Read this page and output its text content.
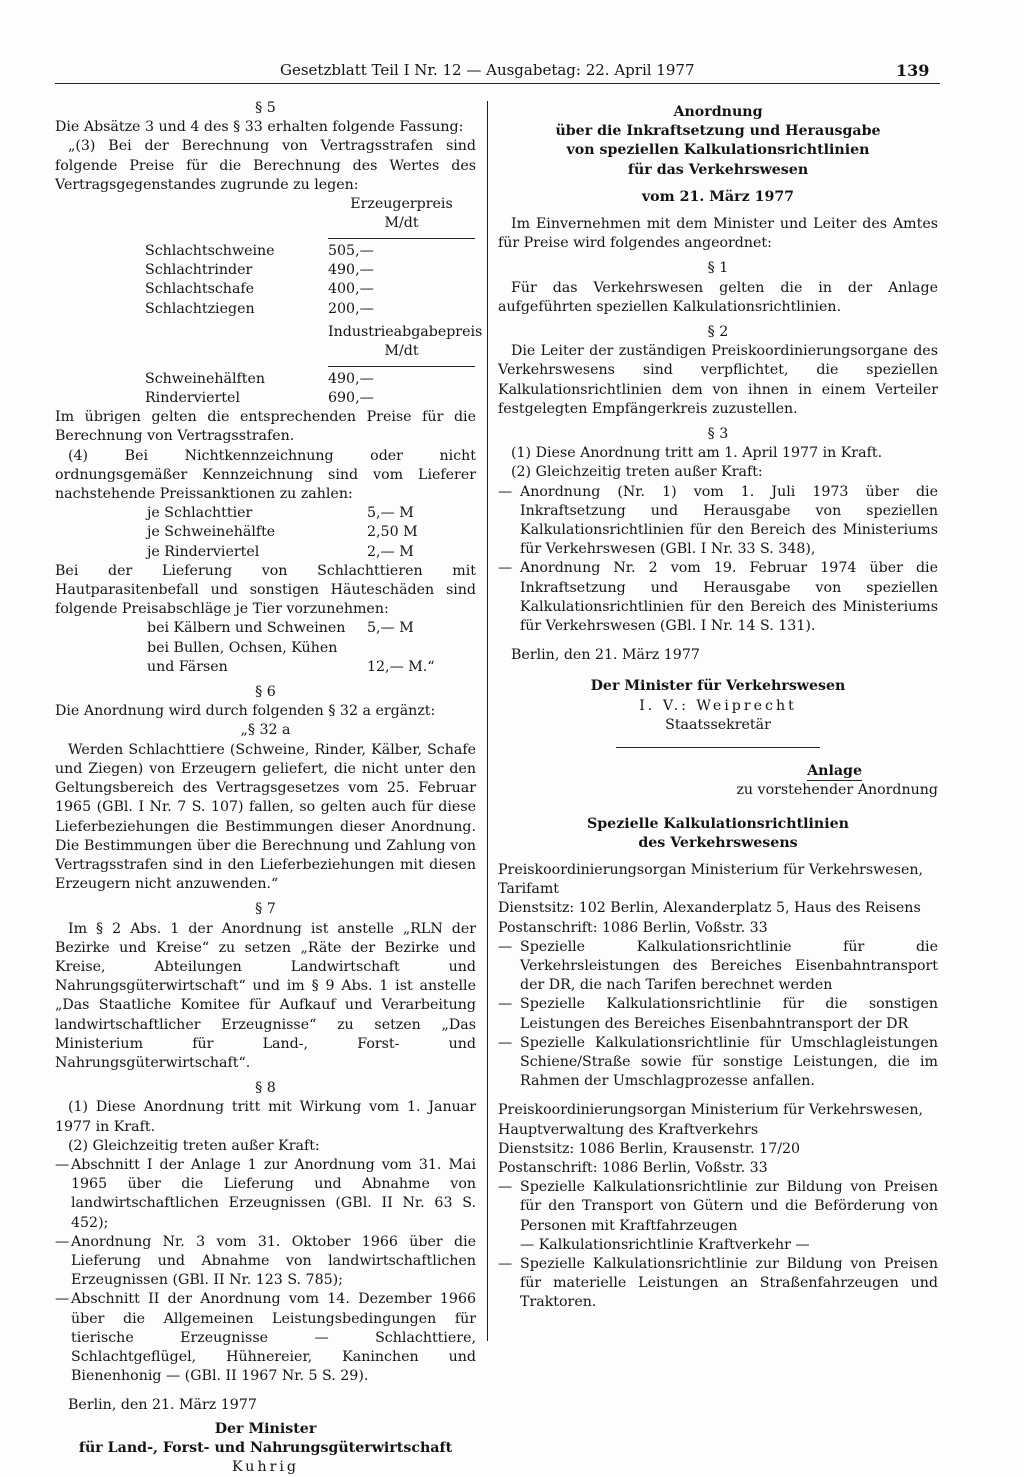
Gesetzblatt Teil I Nr. 12 — Ausgabetag: 22. April 1977	139

§ 5

Die Absätze 3 und 4 des § 33 erhalten folgende Fassung:

„(3) Bei der Berechnung von Vertragsstrafen sind folgende Preise für die Berechnung des Wertes des Vertragsgegenstandes zugrunde zu legen:

Erzeugerpreis
M/dt
Schlachtschweine	505,—
Schlachtrinder	490,—
Schlachtschafe	400,—
Schlachtziegen	200,—
Industrieabgabepreis
M/dt
Schweinehälften	490,—
Rinderviertel	690,—

Im übrigen gelten die entsprechenden Preise für die Berechnung von Vertragsstrafen.

(4) Bei Nichtkennzeichnung oder nicht ordnungsgemäßer Kennzeichnung sind vom Lieferer nachstehende Preissanktionen zu zahlen:

je Schlachttier	5,— M
je Schweinehälfte	2,50 M
je Rinderviertel	2,— M

Bei der Lieferung von Schlachttieren mit Hautparasitenbefall und sonstigen Häuteschäden sind folgende Preisabschläge je Tier vorzunehmen:

bei Kälbern und Schweinen	5,— M
bei Bullen, Ochsen, Kühen und Färsen	12,— M.“

§ 6

Die Anordnung wird durch folgenden § 32 a ergänzt:

„§ 32 a

Werden Schlachttiere (Schweine, Rinder, Kälber, Schafe und Ziegen) von Erzeugern geliefert, die nicht unter den Geltungsbereich des Vertragsgesetzes vom 25. Februar 1965 (GBl. I Nr. 7 S. 107) fallen, so gelten auch für diese Lieferbeziehungen die Bestimmungen dieser Anordnung. Die Bestimmungen über die Berechnung und Zahlung von Vertragsstrafen sind in den Lieferbeziehungen mit diesen Erzeugern nicht anzuwenden.“

§ 7

Im § 2 Abs. 1 der Anordnung ist anstelle „RLN der Bezirke und Kreise“ zu setzen „Räte der Bezirke und Kreise, Abteilungen Landwirtschaft und Nahrungsgüterwirtschaft“ und im § 9 Abs. 1 ist anstelle „Das Staatliche Komitee für Aufkauf und Verarbeitung landwirtschaftlicher Erzeugnisse“ zu setzen „Das Ministerium für Land-, Forst- und Nahrungsgüterwirtschaft“.

§ 8

(1) Diese Anordnung tritt mit Wirkung vom 1. Januar 1977 in Kraft.

(2) Gleichzeitig treten außer Kraft:

— Abschnitt I der Anlage 1 zur Anordnung vom 31. Mai 1965 über die Lieferung und Abnahme von landwirtschaftlichen Erzeugnissen (GBl. II Nr. 63 S. 452);
— Anordnung Nr. 3 vom 31. Oktober 1966 über die Lieferung und Abnahme von landwirtschaftlichen Erzeugnissen (GBl. II Nr. 123 S. 785);
— Abschnitt II der Anordnung vom 14. Dezember 1966 über die Allgemeinen Leistungsbedingungen für tierische Erzeugnisse — Schlachttiere, Schlachtgeflügel, Hühnereier, Kaninchen und Bienenhonig — (GBl. II 1967 Nr. 5 S. 29).

Berlin, den 21. März 1977

Der Minister

für Land-, Forst- und Nahrungsgüterwirtschaft

Kuhrig

Anordnung

über die Inkraftsetzung und Herausgabe

von speziellen Kalkulationsrichtlinien

für das Verkehrswesen

vom 21. März 1977

Im Einvernehmen mit dem Minister und Leiter des Amtes für Preise wird folgendes angeordnet:

§ 1

Für das Verkehrswesen gelten die in der Anlage aufgeführten speziellen Kalkulationsrichtlinien.

§ 2

Die Leiter der zuständigen Preiskoordinierungsorgane des Verkehrswesens sind verpflichtet, die speziellen Kalkulationsrichtlinien dem von ihnen in einem Verteiler festgelegten Empfängerkreis zuzustellen.

§ 3

(1) Diese Anordnung tritt am 1. April 1977 in Kraft.

(2) Gleichzeitig treten außer Kraft:

— Anordnung (Nr. 1) vom 1. Juli 1973 über die Inkraftsetzung und Herausgabe von speziellen Kalkulationsrichtlinien für den Bereich des Ministeriums für Verkehrswesen (GBl. I Nr. 33 S. 348),
— Anordnung Nr. 2 vom 19. Februar 1974 über die Inkraftsetzung und Herausgabe von speziellen Kalkulationsrichtlinien für den Bereich des Ministeriums für Verkehrswesen (GBl. I Nr. 14 S. 131).

Berlin, den 21. März 1977

Der Minister für Verkehrswesen

I. V.: Weiprecht

Staatssekretär

Anlage

zu vorstehender Anordnung

Spezielle Kalkulationsrichtlinien

des Verkehrswesens

Preiskoordinierungsorgan Ministerium für Verkehrswesen,

Tarifamt

Dienstsitz: 102 Berlin, Alexanderplatz 5, Haus des Reisens

Postanschrift: 1086 Berlin, Voßstr. 33

— Spezielle Kalkulationsrichtlinie für die Verkehrsleistungen des Bereiches Eisenbahntransport der DR, die nach Tarifen berechnet werden
— Spezielle Kalkulationsrichtlinie für die sonstigen Leistungen des Bereiches Eisenbahntransport der DR
— Spezielle Kalkulationsrichtlinie für Umschlagleistungen Schiene/Straße sowie für sonstige Leistungen, die im Rahmen der Umschlagprozesse anfallen.

Preiskoordinierungsorgan Ministerium für Verkehrswesen,

Hauptverwaltung des Kraftverkehrs

Dienstsitz: 1086 Berlin, Krausenstr. 17/20

Postanschrift: 1086 Berlin, Voßstr. 33

— Spezielle Kalkulationsrichtlinie zur Bildung von Preisen für den Transport von Gütern und die Beförderung von Personen mit Kraftfahrzeugen

— Kalkulationsrichtlinie Kraftverkehr —

— Spezielle Kalkulationsrichtlinie zur Bildung von Preisen für materielle Leistungen an Straßenfahrzeugen und Traktoren.
